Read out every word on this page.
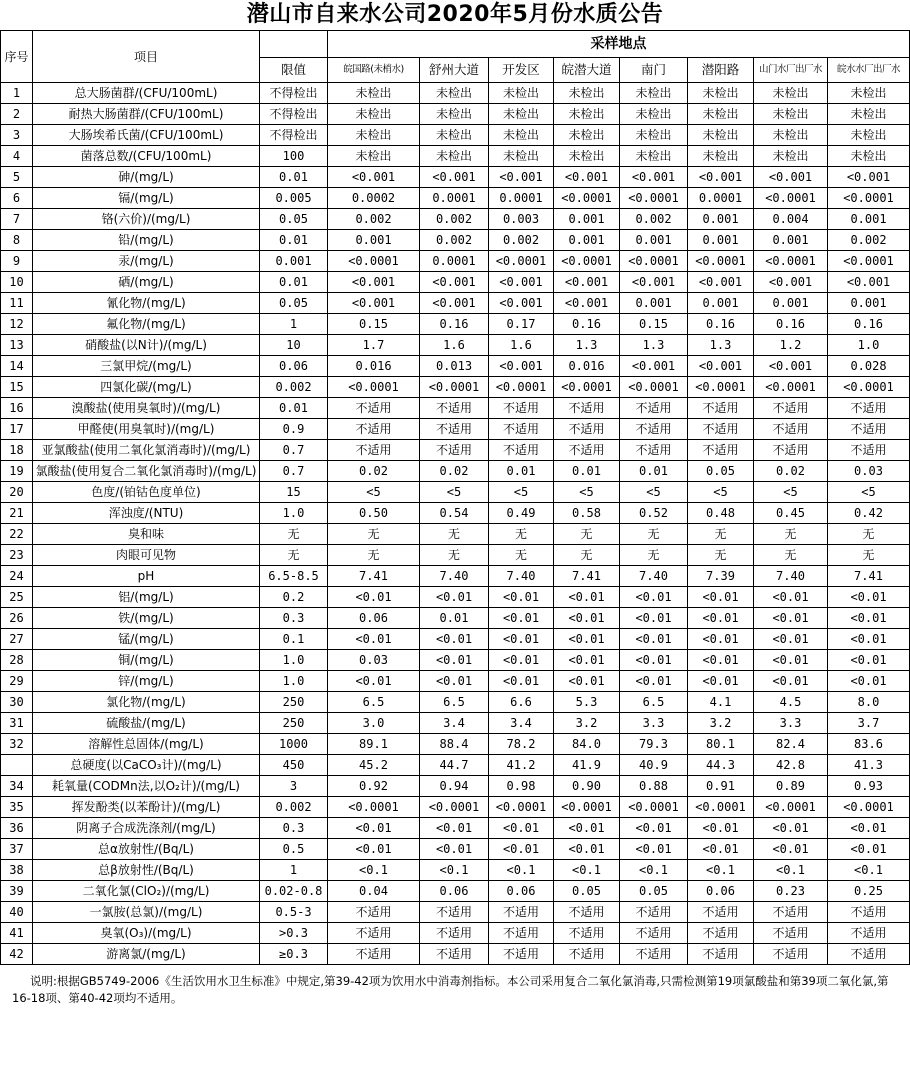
潜山市自来水公司2020年5月份水质公告
序号	项目		采样地点							
		限值	皖国路(未梢水)	舒州大道	开发区	皖潜大道	南门	潜阳路	山门水厂出厂水	皖水水厂出厂水
1	总大肠菌群/(CFU/100mL)	不得检出	未检出	未检出	未检出	未检出	未检出	未检出	未检出	未检出
2	耐热大肠菌群/(CFU/100mL)	不得检出	未检出	未检出	未检出	未检出	未检出	未检出	未检出	未检出
3	大肠埃希氏菌/(CFU/100mL)	不得检出	未检出	未检出	未检出	未检出	未检出	未检出	未检出	未检出
4	菌落总数/(CFU/100mL)	100	未检出	未检出	未检出	未检出	未检出	未检出	未检出	未检出
5	砷/(mg/L)	0.01	<0.001	<0.001	<0.001	<0.001	<0.001	<0.001	<0.001	<0.001
6	镉/(mg/L)	0.005	0.0002	0.0001	0.0001	<0.0001	<0.0001	0.0001	<0.0001	<0.0001
7	铬(六价)/(mg/L)	0.05	0.002	0.002	0.003	0.001	0.002	0.001	0.004	0.001
8	铅/(mg/L)	0.01	0.001	0.002	0.002	0.001	0.001	0.001	0.001	0.002
9	汞/(mg/L)	0.001	<0.0001	0.0001	<0.0001	<0.0001	<0.0001	<0.0001	<0.0001	<0.0001
10	硒/(mg/L)	0.01	<0.001	<0.001	<0.001	<0.001	<0.001	<0.001	<0.001	<0.001
11	氰化物/(mg/L)	0.05	<0.001	<0.001	<0.001	<0.001	0.001	0.001	0.001	0.001
12	氟化物/(mg/L)	1	0.15	0.16	0.17	0.16	0.15	0.16	0.16	0.16
13	硝酸盐(以N计)/(mg/L)	10	1.7	1.6	1.6	1.3	1.3	1.3	1.2	1.0
14	三氯甲烷/(mg/L)	0.06	0.016	0.013	<0.001	0.016	<0.001	<0.001	<0.001	0.028
15	四氯化碳/(mg/L)	0.002	<0.0001	<0.0001	<0.0001	<0.0001	<0.0001	<0.0001	<0.0001	<0.0001
16	溴酸盐(使用臭氧时)/(mg/L)	0.01	不适用	不适用	不适用	不适用	不适用	不适用	不适用	不适用
17	甲醛使(用臭氧时)/(mg/L)	0.9	不适用	不适用	不适用	不适用	不适用	不适用	不适用	不适用
18	亚氯酸盐(使用二氧化氯消毒时)/(mg/L)	0.7	不适用	不适用	不适用	不适用	不适用	不适用	不适用	不适用
19	氯酸盐(使用复合二氧化氯消毒时)/(mg/L)	0.7	0.02	0.02	0.01	0.01	0.01	0.05	0.02	0.03
20	色度/(铂钴色度单位)	15	<5	<5	<5	<5	<5	<5	<5	<5
21	浑浊度/(NTU)	1.0	0.50	0.54	0.49	0.58	0.52	0.48	0.45	0.42
22	臭和味	无	无	无	无	无	无	无	无	无
23	肉眼可见物	无	无	无	无	无	无	无	无	无
24	pH	6.5-8.5	7.41	7.40	7.40	7.41	7.40	7.39	7.40	7.41
25	铝/(mg/L)	0.2	<0.01	<0.01	<0.01	<0.01	<0.01	<0.01	<0.01	<0.01
26	铁/(mg/L)	0.3	0.06	0.01	<0.01	<0.01	<0.01	<0.01	<0.01	<0.01
27	锰/(mg/L)	0.1	<0.01	<0.01	<0.01	<0.01	<0.01	<0.01	<0.01	<0.01
28	铜/(mg/L)	1.0	0.03	<0.01	<0.01	<0.01	<0.01	<0.01	<0.01	<0.01
29	锌/(mg/L)	1.0	<0.01	<0.01	<0.01	<0.01	<0.01	<0.01	<0.01	<0.01
30	氯化物/(mg/L)	250	6.5	6.5	6.6	5.3	6.5	4.1	4.5	8.0
31	硫酸盐/(mg/L)	250	3.0	3.4	3.4	3.2	3.3	3.2	3.3	3.7
32	溶解性总固体/(mg/L)	1000	89.1	88.4	78.2	84.0	79.3	80.1	82.4	83.6
	总硬度(以CaCO₃计)/(mg/L)	450	45.2	44.7	41.2	41.9	40.9	44.3	42.8	41.3
34	耗氧量(CODMn法,以O₂计)/(mg/L)	3	0.92	0.94	0.98	0.90	0.88	0.91	0.89	0.93
35	挥发酚类(以苯酚计)/(mg/L)	0.002	<0.0001	<0.0001	<0.0001	<0.0001	<0.0001	<0.0001	<0.0001	<0.0001
36	阴离子合成洗涤剂/(mg/L)	0.3	<0.01	<0.01	<0.01	<0.01	<0.01	<0.01	<0.01	<0.01
37	总α放射性/(Bq/L)	0.5	<0.01	<0.01	<0.01	<0.01	<0.01	<0.01	<0.01	<0.01
38	总β放射性/(Bq/L)	1	<0.1	<0.1	<0.1	<0.1	<0.1	<0.1	<0.1	<0.1
39	二氧化氯(ClO₂)/(mg/L)	0.02-0.8	0.04	0.06	0.06	0.05	0.05	0.06	0.23	0.25
40	一氯胺(总氯)/(mg/L)	0.5-3	不适用	不适用	不适用	不适用	不适用	不适用	不适用	不适用
41	臭氧(O₃)/(mg/L)	>0.3	不适用	不适用	不适用	不适用	不适用	不适用	不适用	不适用
42	游离氯/(mg/L)	≥0.3	不适用	不适用	不适用	不适用	不适用	不适用	不适用	不适用
说明:根据GB5749-2006《生活饮用水卫生标准》中规定,第39-42项为饮用水中消毒剂指标。本公司采用复合二氧化氯消毒,只需检测第19项氯酸盐和第39项二氧化氯,第16-18项、第40-42项均不适用。
